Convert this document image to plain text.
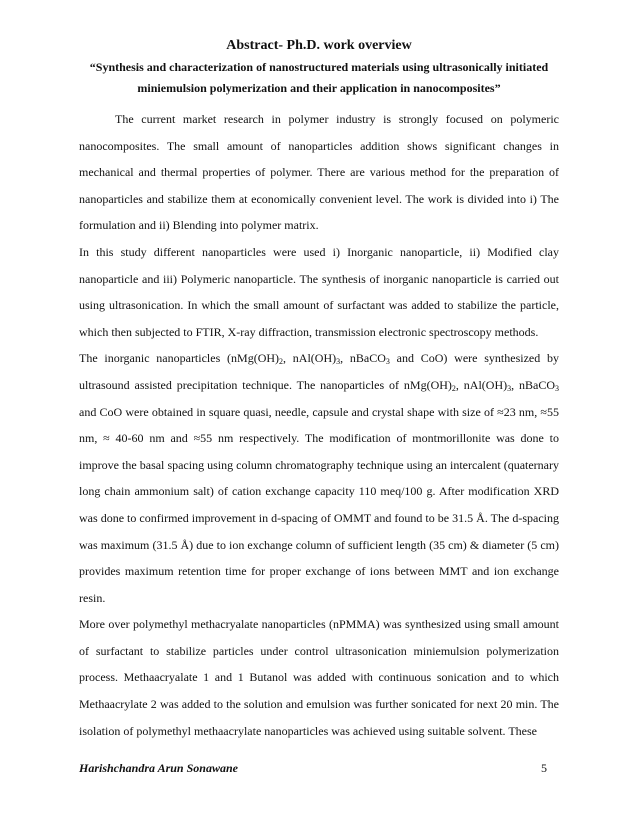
Abstract- Ph.D. work overview
“Synthesis and characterization of nanostructured materials using ultrasonically initiated miniemulsion polymerization and their application in nanocomposites”

The current market research in polymer industry is strongly focused on polymeric nanocomposites. The small amount of nanoparticles addition shows significant changes in mechanical and thermal properties of polymer. There are various method for the preparation of nanoparticles and stabilize them at economically convenient level. The work is divided into i) The formulation and ii) Blending into polymer matrix.

In this study different nanoparticles were used i) Inorganic nanoparticle, ii) Modified clay nanoparticle and iii) Polymeric nanoparticle. The synthesis of inorganic nanoparticle is carried out using ultrasonication. In which the small amount of surfactant was added to stabilize the particle, which then subjected to FTIR, X-ray diffraction, transmission electronic spectroscopy methods.

The inorganic nanoparticles ($nMg(OH)_2$, $nAl(OH)_3$, nBaCO$_3$ and CoO) were synthesized by ultrasound assisted precipitation technique. The nanoparticles of $nMg(OH)_2$, $nAl(OH)_3$, nBaCO$_3$ and CoO were obtained in square quasi, needle, capsule and crystal shape with size of ≈23 nm, ≈55 nm, ≈ 40-60 nm and ≈55 nm respectively. The modification of montmorillonite was done to improve the basal spacing using column chromatography technique using an intercalent (quaternary long chain ammonium salt) of cation exchange capacity 110 meq/100 g. After modification XRD was done to confirmed improvement in d-spacing of OMMT and found to be 31.5 Å. The d-spacing was maximum (31.5 Å) due to ion exchange column of sufficient length (35 cm) & diameter (5 cm) provides maximum retention time for proper exchange of ions between MMT and ion exchange resin.

More over polymethyl methacryalate nanoparticles (nPMMA) was synthesized using small amount of surfactant to stabilize particles under control ultrasonication miniemulsion polymerization process. Methaacryalate 1 and 1 Butanol was added with continuous sonication and to which Methaacrylate 2 was added to the solution and emulsion was further sonicated for next 20 min. The isolation of polymethyl methaacrylate nanoparticles was achieved using suitable solvent. These

Harishchandra Arun Sonawane	5
